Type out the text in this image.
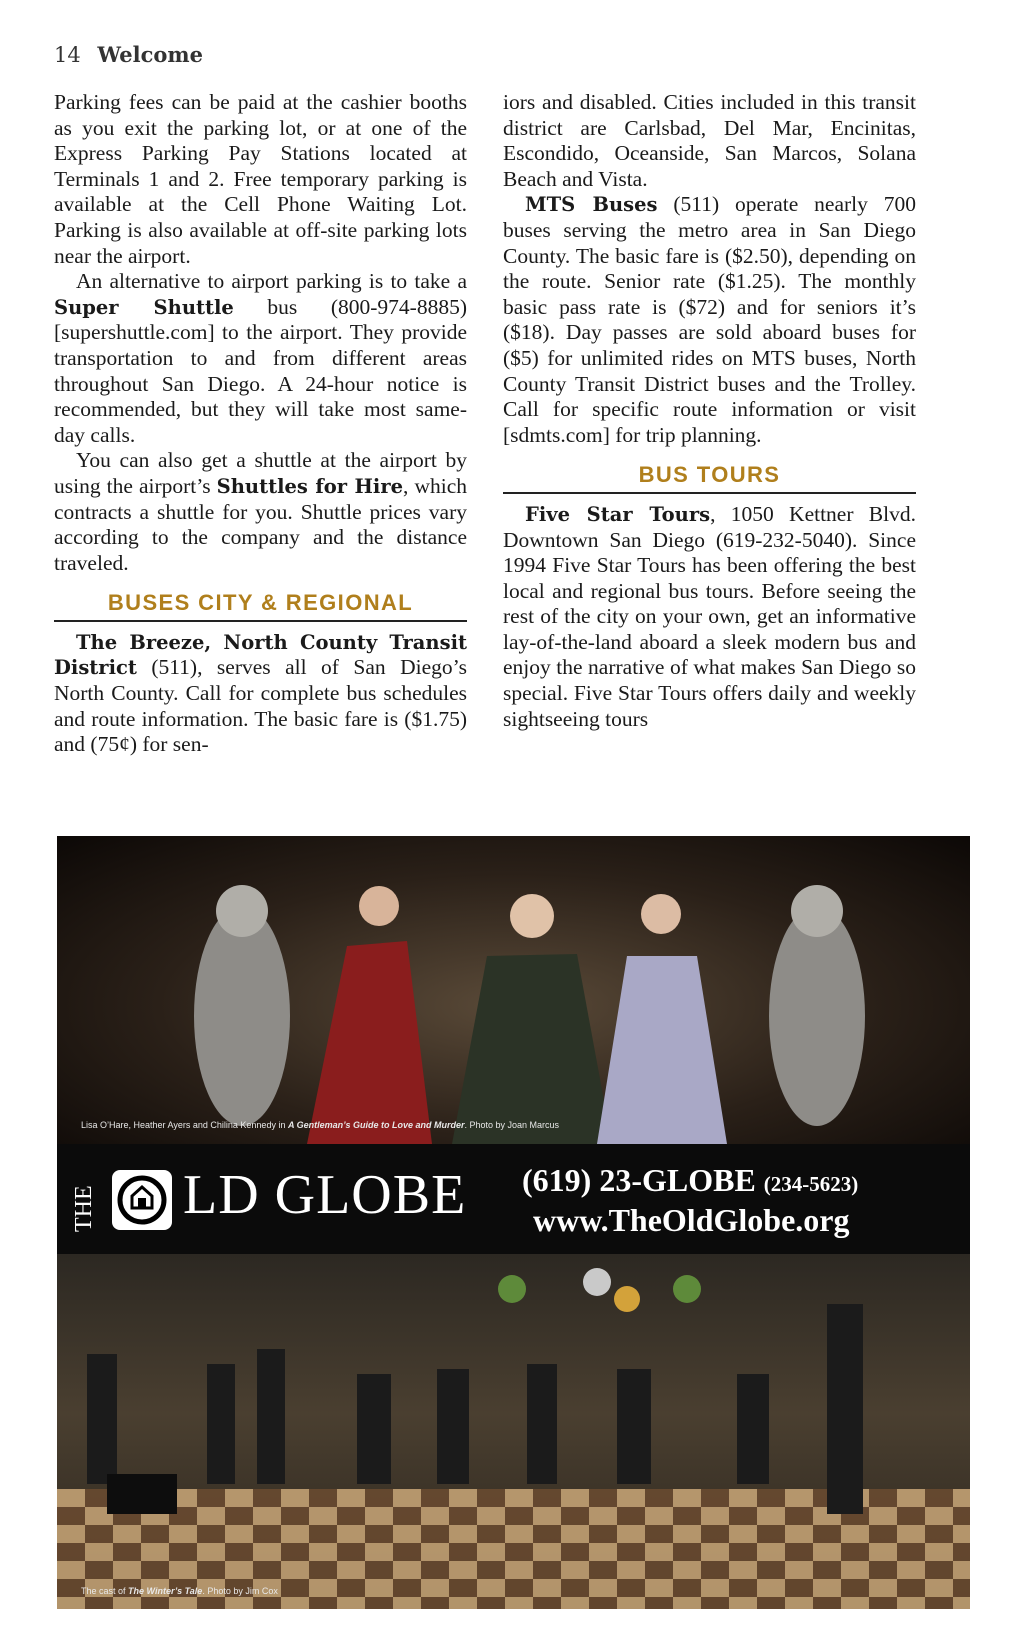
14 Welcome

Parking fees can be paid at the cashier booths as you exit the parking lot, or at one of the Express Parking Pay Stations located at Terminals 1 and 2. Free temporary parking is available at the Cell Phone Waiting Lot. Parking is also available at off-site parking lots near the airport.

An alternative to airport parking is to take a Super Shuttle bus (800-974-8885) [supershuttle.com] to the airport. They provide transportation to and from different areas throughout San Diego. A 24-hour notice is recommended, but they will take most same-day calls.

You can also get a shuttle at the airport by using the airport’s Shuttles for Hire, which contracts a shuttle for you. Shuttle prices vary according to the company and the distance traveled.

BUSES CITY & REGIONAL

The Breeze, North County Transit District (511), serves all of San Diego’s North County. Call for complete bus schedules and route information. The basic fare is ($1.75) and (75¢) for sen-

iors and disabled. Cities included in this transit district are Carlsbad, Del Mar, Encinitas, Escondido, Oceanside, San Marcos, Solana Beach and Vista.

MTS Buses (511) operate nearly 700 buses serving the metro area in San Diego County. The basic fare is ($2.50), depending on the route. Senior rate ($1.25). The monthly basic pass rate is ($72) and for seniors it’s ($18). Day passes are sold aboard buses for ($5) for unlimited rides on MTS buses, North County Transit District buses and the Trolley. Call for specific route information or visit [sdmts.com] for trip planning.

BUS TOURS

Five Star Tours, 1050 Kettner Blvd. Downtown San Diego (619-232-5040). Since 1994 Five Star Tours has been offering the best local and regional bus tours. Before seeing the rest of the city on your own, get an informative lay-of-the-land aboard a sleek modern bus and enjoy the narrative of what makes San Diego so special. Five Star Tours offers daily and weekly sightseeing tours

Lisa O’Hare, Heather Ayers and Chilina Kennedy in A Gentleman’s Guide to Love and Murder. Photo by Joan Marcus
THE LD GLOBE (619) 23-GLOBE (234-5623)
www.TheOldGlobe.org
The cast of The Winter’s Tale. Photo by Jim Cox
